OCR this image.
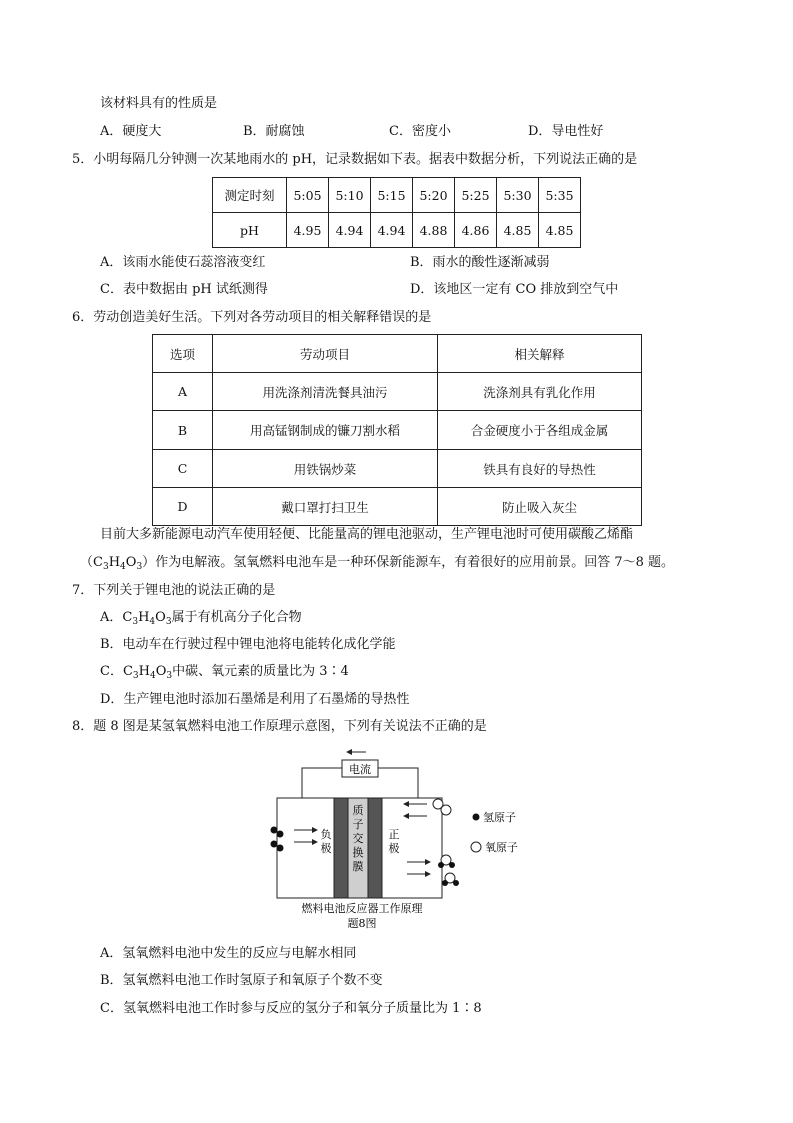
该材料具有的性质是
A．硬度大	B．耐腐蚀	C．密度小	D．导电性好
5．小明每隔几分钟测一次某地雨水的 pH，记录数据如下表。据表中数据分析，下列说法正确的是
测定时刻	5:05	5:10	5:15	5:20	5:25	5:30	5:35
pH	4.95	4.94	4.94	4.88	4.86	4.85	4.85
A．该雨水能使石蕊溶液变红	B．雨水的酸性逐渐减弱
C．表中数据由 pH 试纸测得	D．该地区一定有 CO 排放到空气中
6．劳动创造美好生活。下列对各劳动项目的相关解释错误的是
选项	劳动项目	相关解释
A	用洗涤剂清洗餐具油污	洗涤剂具有乳化作用
B	用高锰钢制成的镰刀割水稻	合金硬度小于各组成金属
C	用铁锅炒菜	铁具有良好的导热性
D	戴口罩打扫卫生	防止吸入灰尘
目前大多新能源电动汽车使用轻便、比能量高的锂电池驱动，生产锂电池时可使用碳酸乙烯酯
$(C_3H_4O_3)$作为电解液。氢氧燃料电池车是一种环保新能源车，有着很好的应用前景。回答 7～8 题。
7．下列关于锂电池的说法正确的是
A．$C_3H_4O_3$属于有机高分子化合物
B．电动车在行驶过程中锂电池将电能转化成化学能
C．$C_3H_4O_3$中碳、氧元素的质量比为 3∶4
D．生产锂电池时添加石墨烯是利用了石墨烯的导热性
8．题 8 图是某氢氧燃料电池工作原理示意图，下列有关说法不正确的是
电流
质
子
交
换
膜
负
极
正
极
氢原子
氧原子
燃料电池反应器工作原理
题8图
A．氢氧燃料电池中发生的反应与电解水相同
B．氢氧燃料电池工作时氢原子和氧原子个数不变
C．氢氧燃料电池工作时参与反应的氢分子和氧分子质量比为 1∶8
